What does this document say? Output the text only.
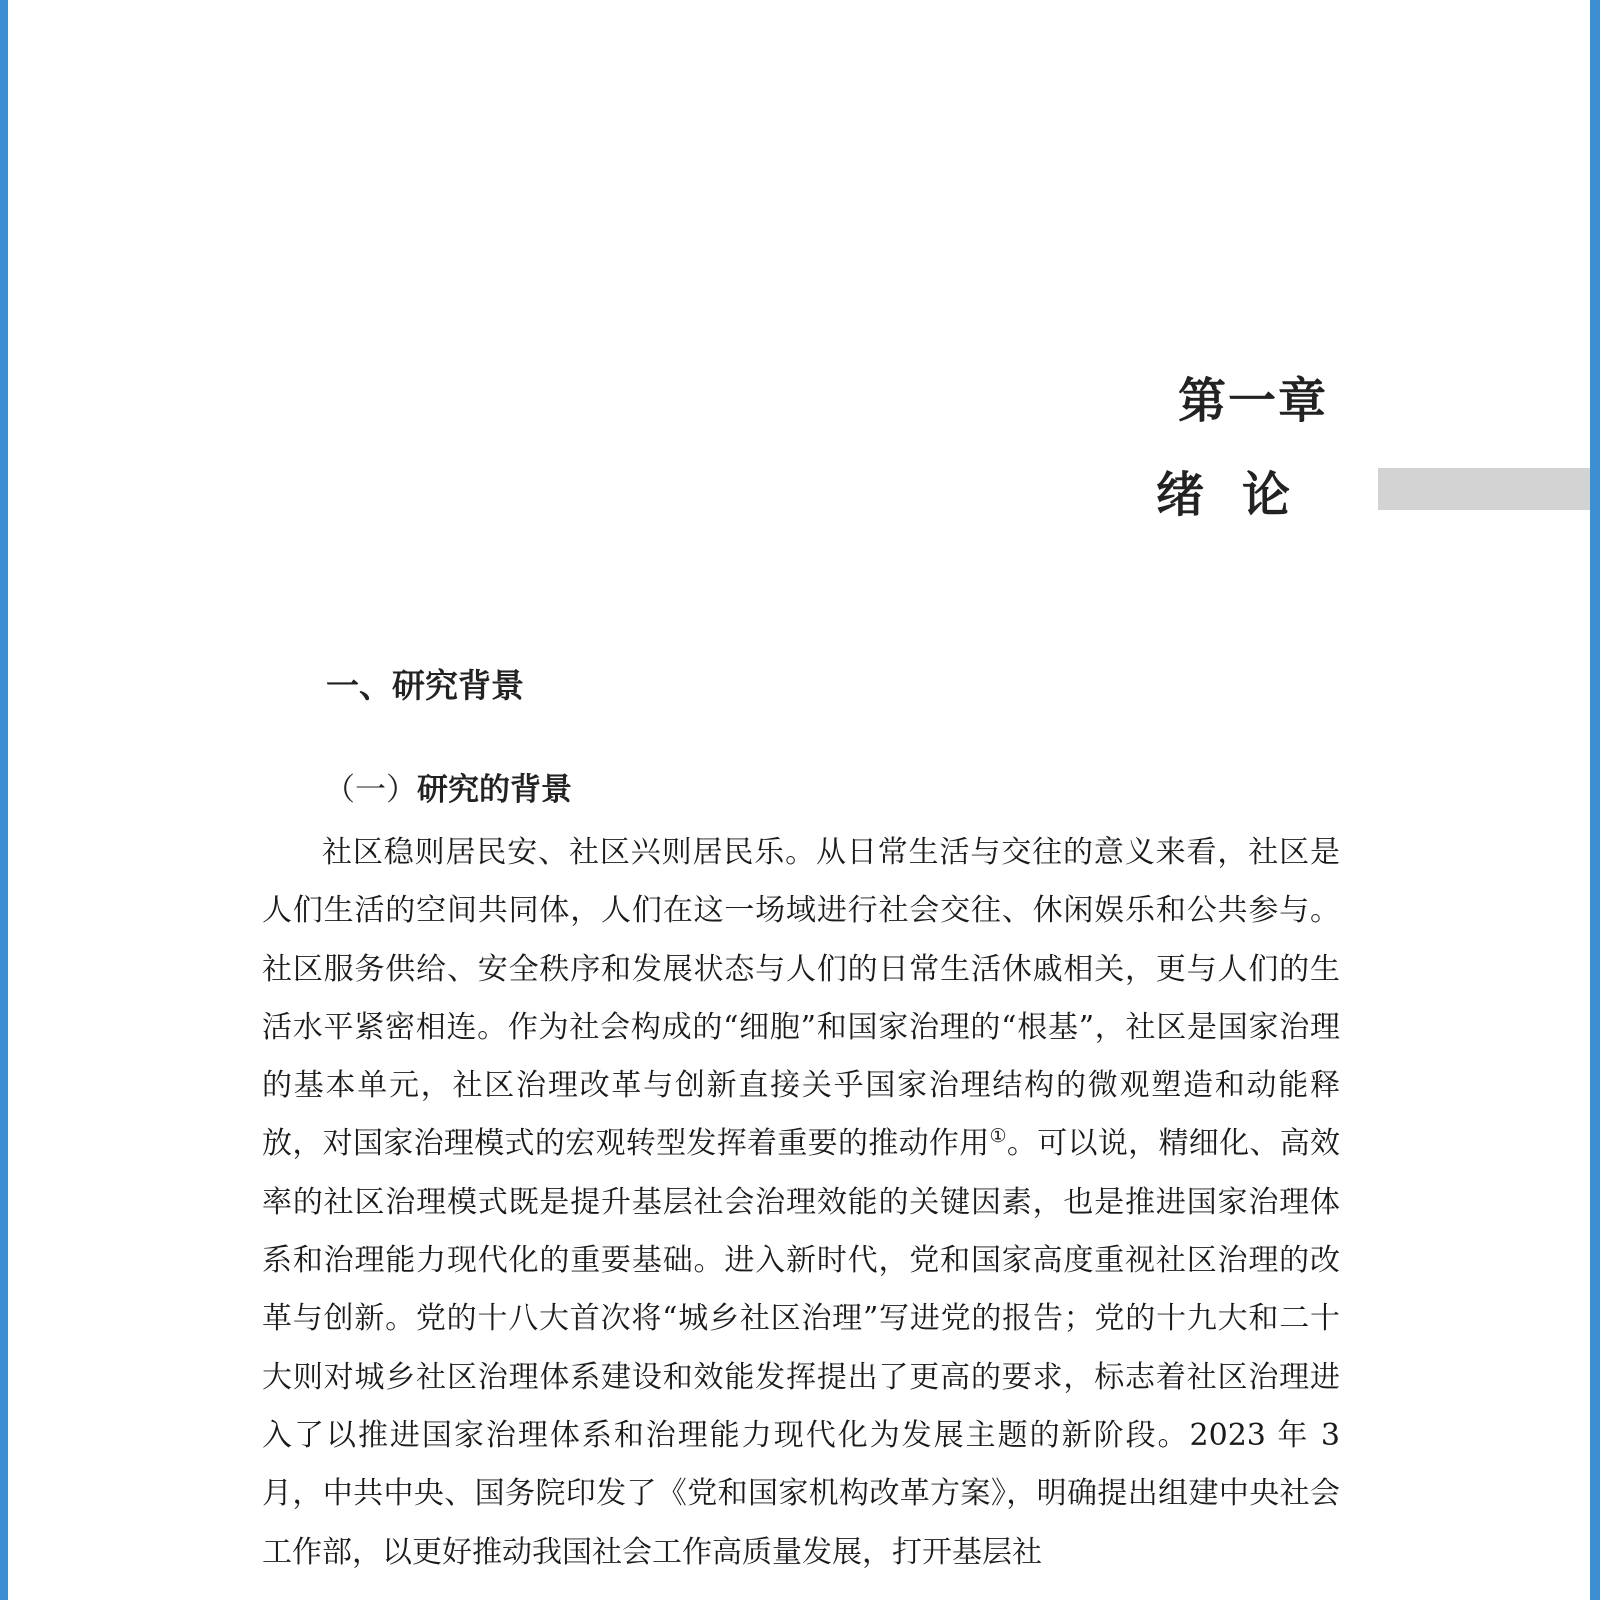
第一章
绪论
一、研究背景
（一）研究的背景

社区稳则居民安、社区兴则居民乐。从日常生活与交往的意义来看，社区是人们生活的空间共同体，人们在这一场域进行社会交往、休闲娱乐和公共参与。社区服务供给、安全秩序和发展状态与人们的日常生活休戚相关，更与人们的生活水平紧密相连。作为社会构成的“细胞”和国家治理的“根基”，社区是国家治理的基本单元，社区治理改革与创新直接关乎国家治理结构的微观塑造和动能释放，对国家治理模式的宏观转型发挥着重要的推动作用①。可以说，精细化、高效率的社区治理模式既是提升基层社会治理效能的关键因素，也是推进国家治理体系和治理能力现代化的重要基础。进入新时代，党和国家高度重视社区治理的改革与创新。党的十八大首次将“城乡社区治理”写进党的报告；党的十九大和二十大则对城乡社区治理体系建设和效能发挥提出了更高的要求，标志着社区治理进入了以推进国家治理体系和治理能力现代化为发展主题的新阶段。2023 年 3 月，中共中央、国务院印发了《党和国家机构改革方案》，明确提出组建中央社会工作部，以更好推动我国社会工作高质量发展，打开基层社
